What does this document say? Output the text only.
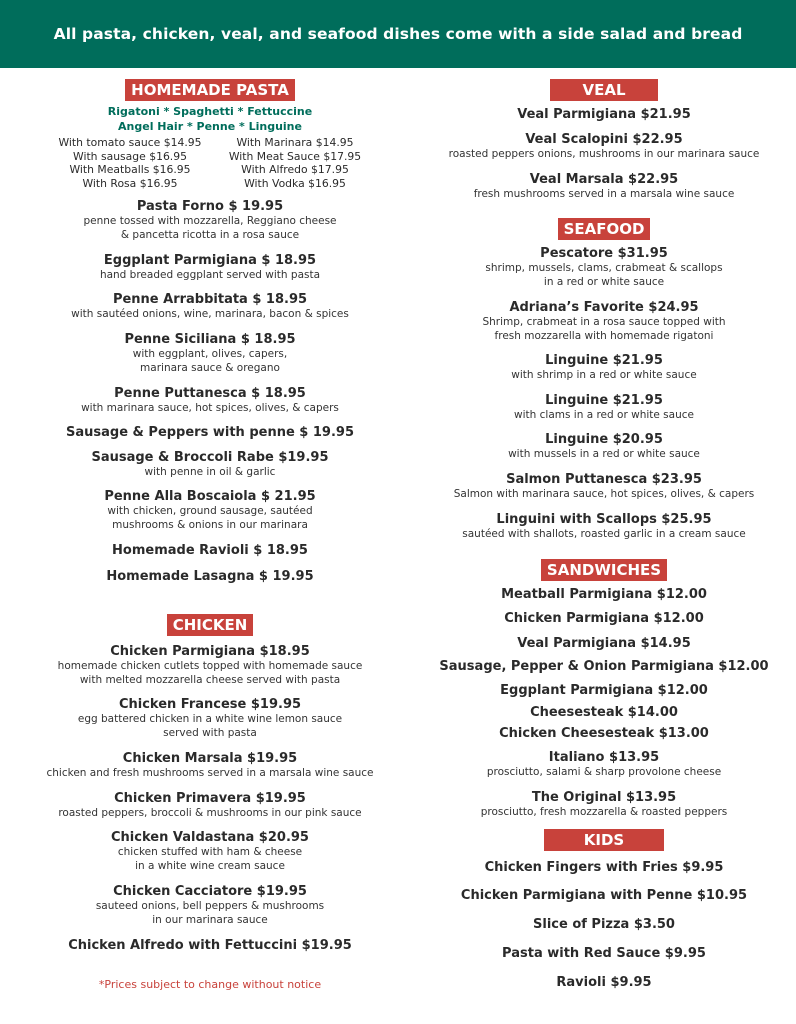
All pasta, chicken, veal, and seafood dishes come with a side salad and bread
HOMEMADE PASTA
Rigatoni * Spaghetti * Fettuccine
Angel Hair * Penne * Linguine
With tomato sauce $14.95
With sausage $16.95
With Meatballs $16.95
With Rosa $16.95
With Marinara $14.95
With Meat Sauce $17.95
With Alfredo $17.95
With Vodka $16.95
Pasta Forno $ 19.95
penne tossed with mozzarella, Reggiano cheese
& pancetta ricotta in a rosa sauce
Eggplant Parmigiana $ 18.95
hand breaded eggplant served with pasta
Penne Arrabbitata $ 18.95
with sautéed onions, wine, marinara, bacon & spices
Penne Siciliana $ 18.95
with eggplant, olives, capers,
marinara sauce & oregano
Penne Puttanesca $ 18.95
with marinara sauce, hot spices, olives, & capers
Sausage & Peppers with penne $ 19.95
Sausage & Broccoli Rabe $19.95
with penne in oil & garlic
Penne Alla Boscaiola $ 21.95
with chicken, ground sausage, sautéed
mushrooms & onions in our marinara
Homemade Ravioli $ 18.95
Homemade Lasagna $ 19.95
CHICKEN
Chicken Parmigiana $18.95
homemade chicken cutlets topped with homemade sauce
with melted mozzarella cheese served with pasta
Chicken Francese $19.95
egg battered chicken in a white wine lemon sauce
served with pasta
Chicken Marsala $19.95
chicken and fresh mushrooms served in a marsala wine sauce
Chicken Primavera $19.95
roasted peppers, broccoli & mushrooms in our pink sauce
Chicken Valdastana $20.95
chicken stuffed with ham & cheese
in a white wine cream sauce
Chicken Cacciatore $19.95
sauteed onions, bell peppers & mushrooms
in our marinara sauce
Chicken Alfredo with Fettuccini $19.95
*Prices subject to change without notice
VEAL
Veal Parmigiana $21.95
Veal Scalopini $22.95
roasted peppers onions, mushrooms in our marinara sauce
Veal Marsala $22.95
fresh mushrooms served in a marsala wine sauce
SEAFOOD
Pescatore $31.95
shrimp, mussels, clams, crabmeat & scallops
in a red or white sauce
Adriana’s Favorite $24.95
Shrimp, crabmeat in a rosa sauce topped with
fresh mozzarella with homemade rigatoni
Linguine $21.95
with shrimp in a red or white sauce
Linguine $21.95
with clams in a red or white sauce
Linguine $20.95
with mussels in a red or white sauce
Salmon Puttanesca $23.95
Salmon with marinara sauce, hot spices, olives, & capers
Linguini with Scallops $25.95
sautéed with shallots, roasted garlic in a cream sauce
SANDWICHES
Meatball Parmigiana $12.00
Chicken Parmigiana $12.00
Veal Parmigiana $14.95
Sausage, Pepper & Onion Parmigiana $12.00
Eggplant Parmigiana $12.00
Cheesesteak $14.00
Chicken Cheesesteak $13.00
Italiano $13.95
prosciutto, salami & sharp provolone cheese
The Original $13.95
prosciutto, fresh mozzarella & roasted peppers
KIDS
Chicken Fingers with Fries $9.95
Chicken Parmigiana with Penne $10.95
Slice of Pizza $3.50
Pasta with Red Sauce $9.95
Ravioli $9.95
